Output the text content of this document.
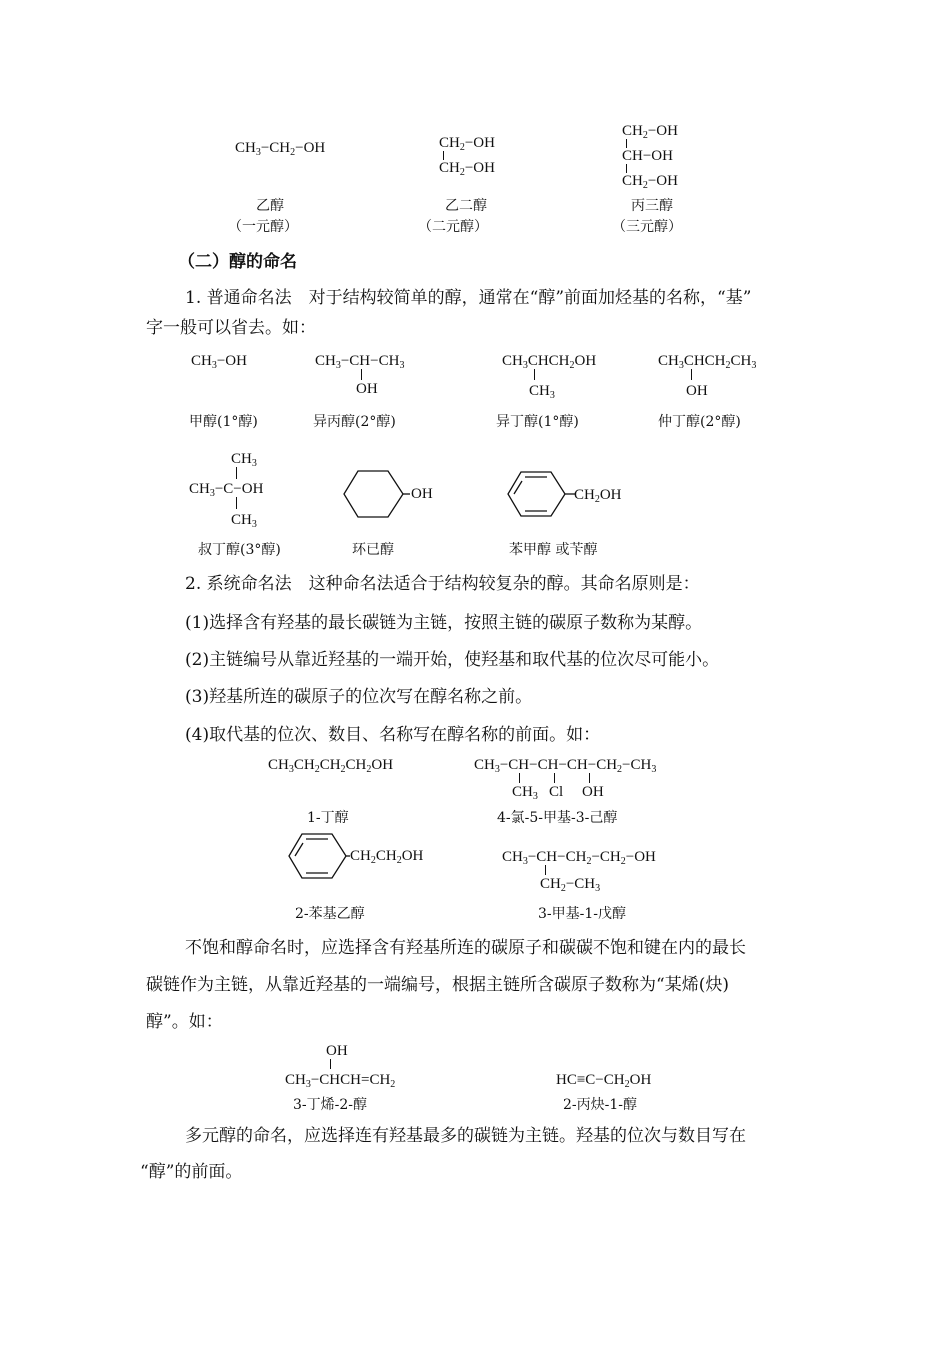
$CH_3-CH_2-OH$
乙醇
（一元醇）
$CH_2-OH$
$CH_2-OH$
乙二醇
（二元醇）
$CH_2-OH$
CH−OH
$CH_2-OH$
丙三醇
（三元醇）
（二）醇的命名
1. 普通命名法　对于结构较简单的醇，通常在“醇”前面加烃基的名称，“基”
字一般可以省去。如：
$CH_3-OH$
甲醇(1°醇)
$CH_3-CH-CH_3$
OH
异丙醇(2°醇)
$CH_3CHCH_2OH$
$CH_3$
异丁醇(1°醇)
$CH_3CHCH_2CH_3$
OH
仲丁醇(2°醇)
$CH_3$
$CH_3-C-OH$
$CH_3$
叔丁醇(3°醇)
OH
环已醇
$CH_2OH$
苯甲醇 或苄醇
2. 系统命名法　这种命名法适合于结构较复杂的醇。其命名原则是：
(1)选择含有羟基的最长碳链为主链，按照主链的碳原子数称为某醇。
(2)主链编号从靠近羟基的一端开始，使羟基和取代基的位次尽可能小。
(3)羟基所连的碳原子的位次写在醇名称之前。
(4)取代基的位次、数目、名称写在醇名称的前面。如：
$CH_3CH_2CH_2CH_2OH$
1-丁醇
$CH_3-CH-CH-CH-CH_2-CH_3$
$CH_3$ Cl OH
4-氯-5-甲基-3-己醇
$CH_2CH_2OH$
2-苯基乙醇
$CH_3-CH-CH_2-CH_2-OH$
$CH_2-CH_3$
3-甲基-1-戊醇
不饱和醇命名时，应选择含有羟基所连的碳原子和碳碳不饱和键在内的最长
碳链作为主链，从靠近羟基的一端编号，根据主链所含碳原子数称为“某烯(炔)
醇”。如：
OH
$CH_3-CHCH=CH_2$
3-丁烯-2-醇
$HC\equiv C-CH_2OH$
2-丙炔-1-醇
多元醇的命名，应选择连有羟基最多的碳链为主链。羟基的位次与数目写在
“醇”的前面。
